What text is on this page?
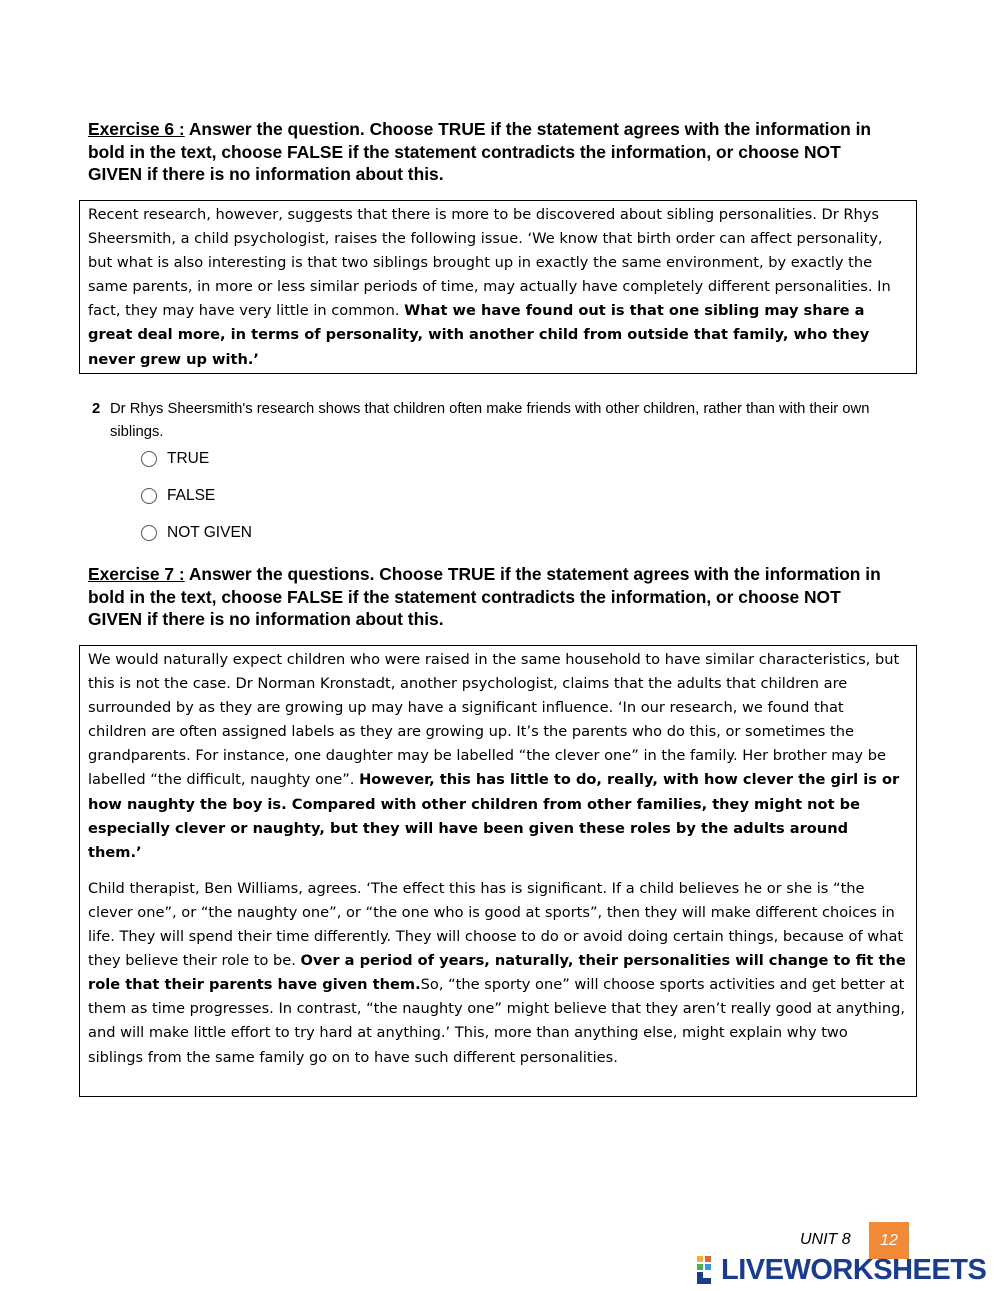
Exercise 6 : Answer the question. Choose TRUE if the statement agrees with the information in bold in the text, choose FALSE if the statement contradicts the information, or choose NOT GIVEN if there is no information about this.

Recent research, however, suggests that there is more to be discovered about sibling personalities. Dr Rhys Sheersmith, a child psychologist, raises the following issue. ‘We know that birth order can affect personality, but what is also interesting is that two siblings brought up in exactly the same environment, by exactly the same parents, in more or less similar periods of time, may actually have completely different personalities. In fact, they may have very little in common. What we have found out is that one sibling may share a great deal more, in terms of personality, with another child from outside that family, who they never grew up with.’

2 Dr Rhys Sheersmith's research shows that children often make friends with other children, rather than with their own siblings.
TRUE
FALSE
NOT GIVEN
Exercise 7 : Answer the questions. Choose TRUE if the statement agrees with the information in bold in the text, choose FALSE if the statement contradicts the information, or choose NOT GIVEN if there is no information about this.

We would naturally expect children who were raised in the same household to have similar characteristics, but this is not the case. Dr Norman Kronstadt, another psychologist, claims that the adults that children are surrounded by as they are growing up may have a significant influence. ‘In our research, we found that children are often assigned labels as they are growing up. It’s the parents who do this, or sometimes the grandparents. For instance, one daughter may be labelled “the clever one” in the family. Her brother may be labelled “the difficult, naughty one”. However, this has little to do, really, with how clever the girl is or how naughty the boy is. Compared with other children from other families, they might not be especially clever or naughty, but they will have been given these roles by the adults around them.’

Child therapist, Ben Williams, agrees. ‘The effect this has is significant. If a child believes he or she is “the clever one”, or “the naughty one”, or “the one who is good at sports”, then they will make different choices in life. They will spend their time differently. They will choose to do or avoid doing certain things, because of what they believe their role to be. Over a period of years, naturally, their personalities will change to fit the role that their parents have given them.So, “the sporty one” will choose sports activities and get better at them as time progresses. In contrast, “the naughty one” might believe that they aren’t really good at anything, and will make little effort to try hard at anything.’ This, more than anything else, might explain why two siblings from the same family go on to have such different personalities.

UNIT 8	12
LIVEWORKSHEETS
